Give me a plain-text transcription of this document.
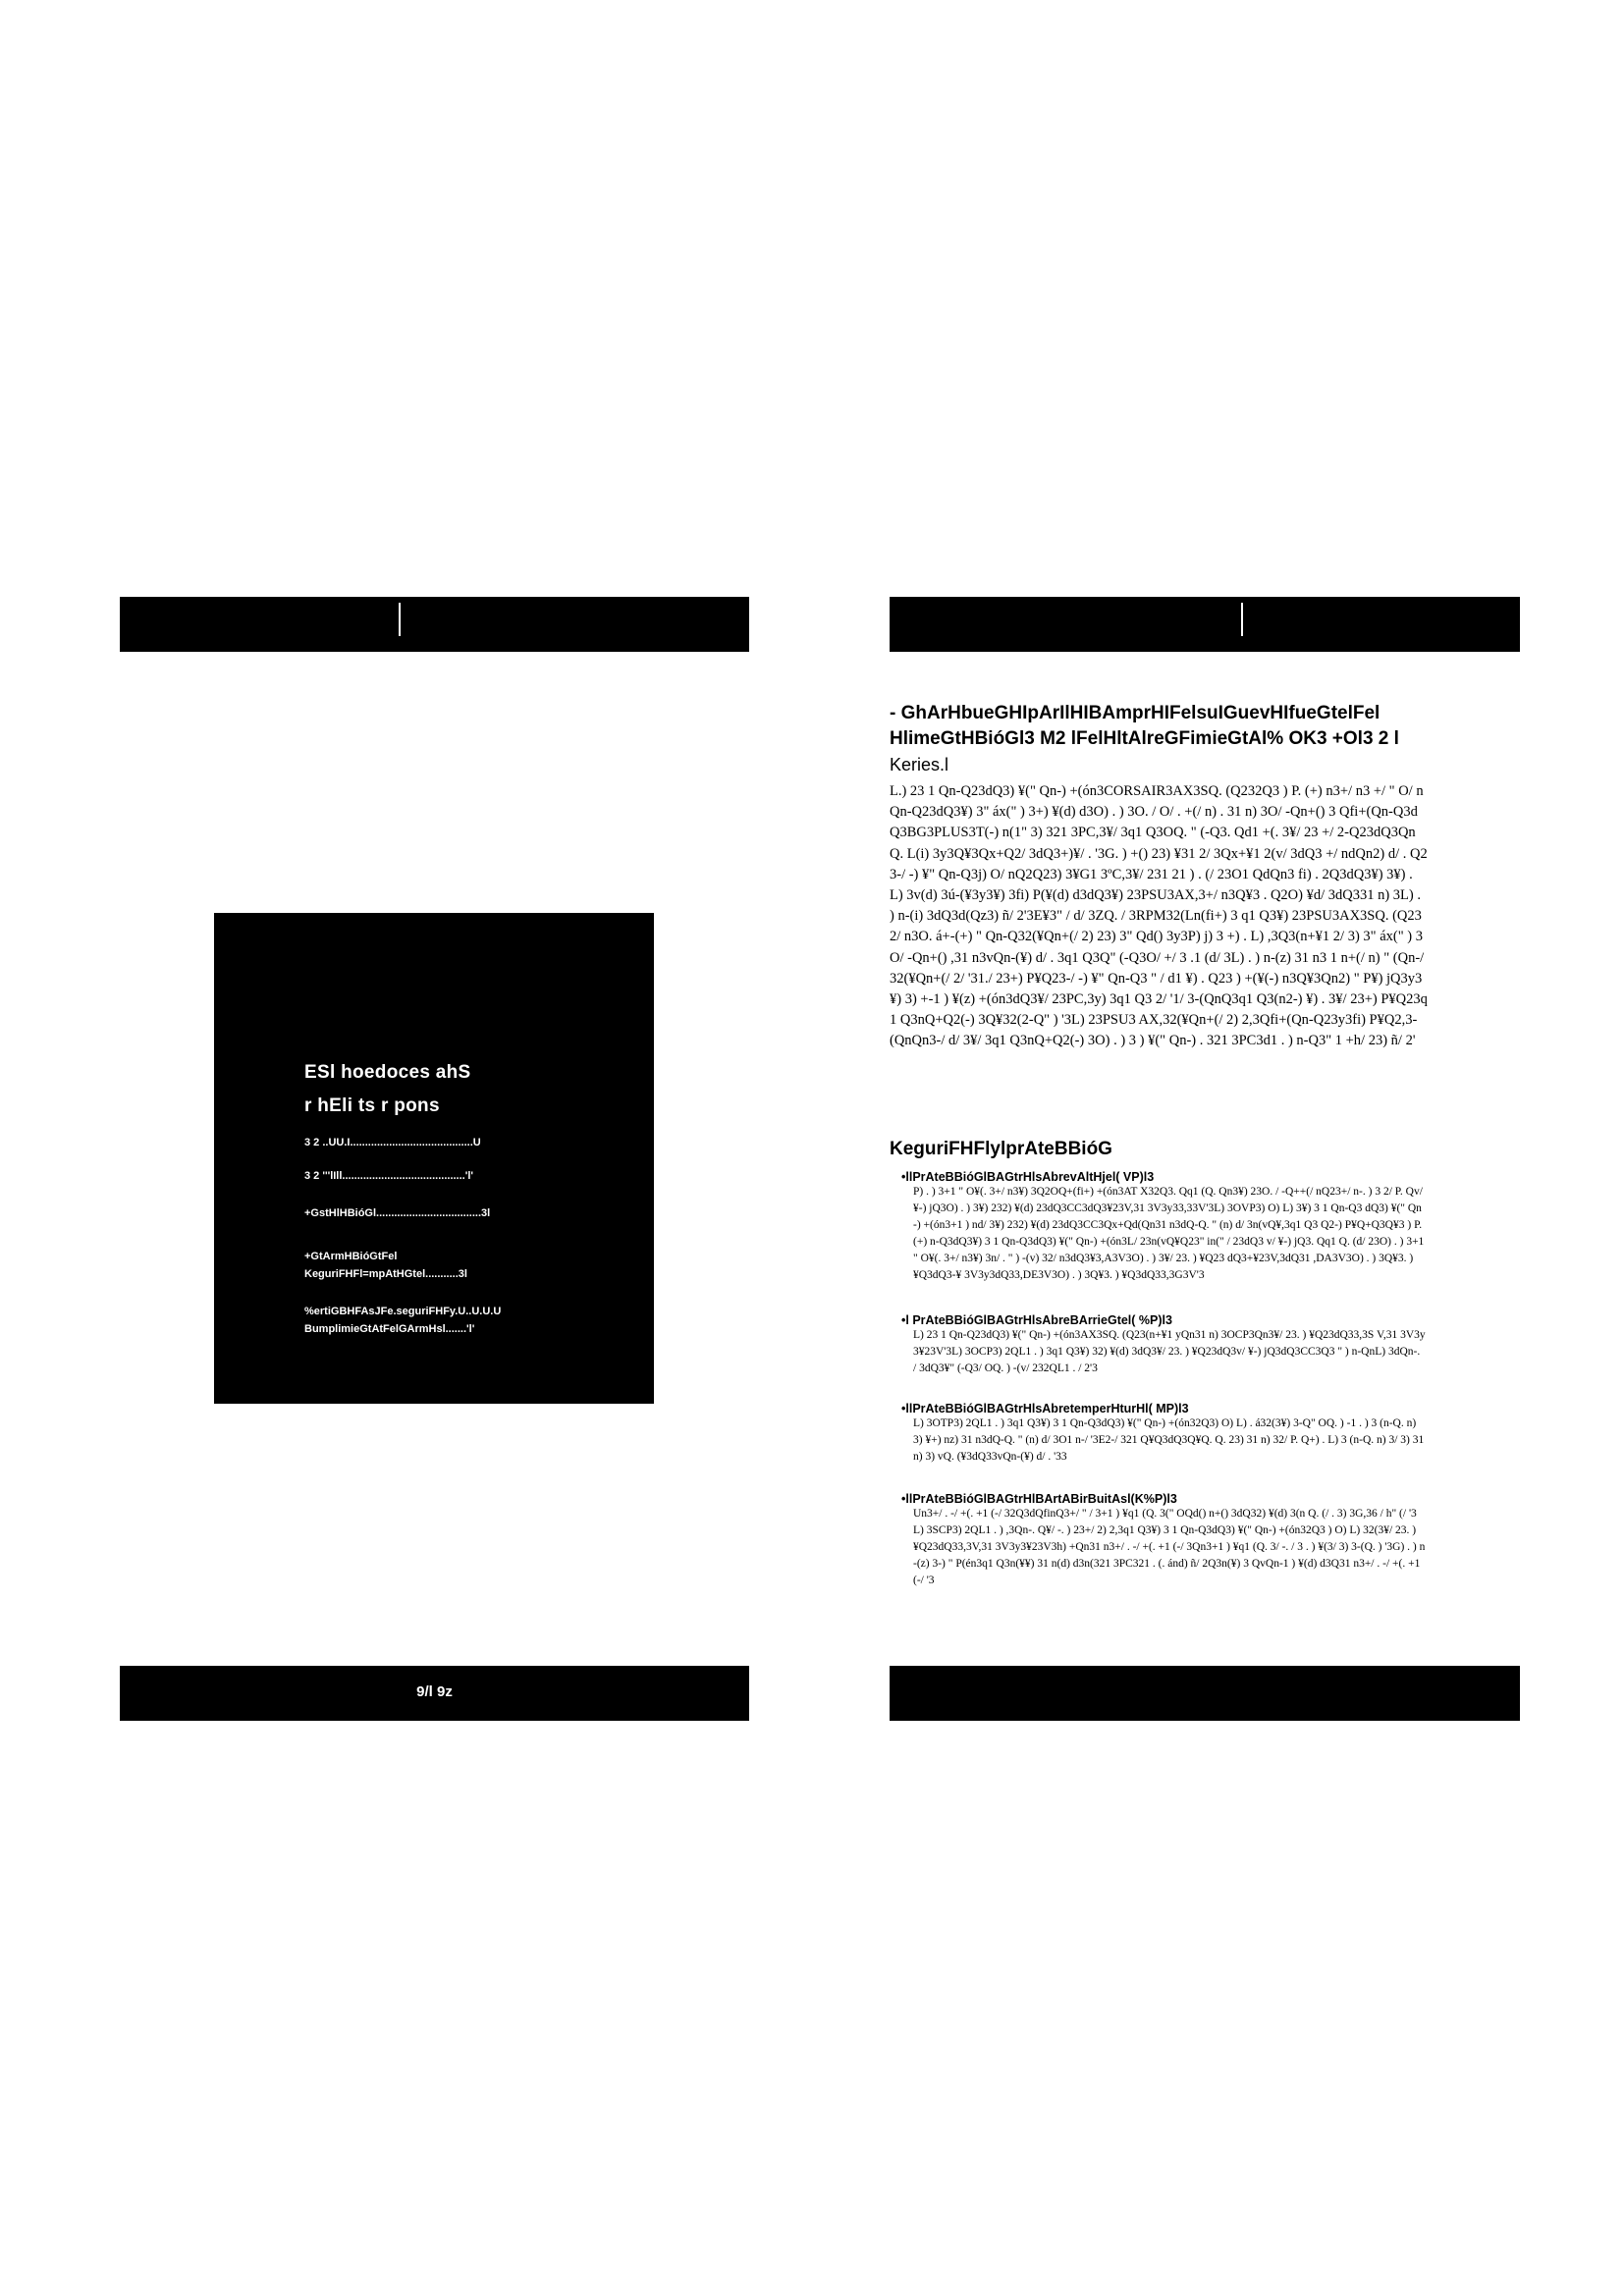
ESl hoedoces ahS
r hEli ts r pons
3 2 ..UU.I.........................................U
3 2 '''lIll.........................................'l'
+GstHlHBióGl...................................3l
+GtArmHBióGtFel
KeguriFHFl=mpAtHGtel...........3l
%ertiGBHFAsJFe.seguriFHFy.U..U.U.U
BumplimieGtAtFelGArmHsl.......'l'
9/l 9z

- GhArHbueGHIpArIlHIBAmprHIFelsuIGuevHIfueGtelFel

HlimeGtHBióGl3 M2 lFelHltAlreGFimieGtAl% OK3 +Ol3 2 l

Keries.l

L.) 23 1 Qn-Q23dQ3) ¥(" Qn-) +(ón3CORSAIR3AX3SQ. (Q232Q3 ) P. (+) n3+/ n3 +/ " O/ nQn-Q23dQ3¥) 3" áx(" ) 3+) ¥(d) d3O) . ) 3O. / O/ . +(/ n) . 31 n) 3O/ -Qn+() 3 Qfi+(Qn-Q3dQ3BG3PLUS3T(-) n(1" 3) 321 3PC,3¥/ 3q1 Q3OQ. " (-Q3. Qd1 +(. 3¥/ 23 +/ 2-Q23dQ3QnQ. L(i) 3y3Q¥3Qx+Q2/ 3dQ3+)¥/ . '3G. ) +() 23) ¥31 2/ 3Qx+¥1 2(v/ 3dQ3 +/ ndQn2) d/ . Q23-/ -) ¥" Qn-Q3j) O/ nQ2Q23) 3¥G1 3ºC,3¥/ 231 21 ) . (/ 23O1 QdQn3 fi) . 2Q3dQ3¥) 3¥) . L) 3v(d) 3ú-(¥3y3¥) 3fi) P(¥(d) d3dQ3¥) 23PSU3AX,3+/ n3Q¥3 . Q2O) ¥d/ 3dQ331 n) 3L) . ) n-(i) 3dQ3d(Qz3) ñ/ 2'3E¥3" / d/ 3ZQ. / 3RPM32(Ln(fi+) 3 q1 Q3¥) 23PSU3AX3SQ. (Q232/ n3O. á+-(+) " Qn-Q32(¥Qn+(/ 2) 23) 3" Qd() 3y3P) j) 3 +) . L) ,3Q3(n+¥1 2/ 3) 3" áx(" ) 3O/ -Qn+() ,31 n3vQn-(¥) d/ . 3q1 Q3Q" (-Q3O/ +/ 3 .1 (d/ 3L) . ) n-(z) 31 n3 1 n+(/ n) " (Qn-/ 32(¥Qn+(/ 2/ '31./ 23+) P¥Q23-/ -) ¥" Qn-Q3 " / d1 ¥) . Q23 ) +(¥(-) n3Q¥3Qn2) " P¥) jQ3y3¥) 3) +-1 ) ¥(z) +(ón3dQ3¥/ 23PC,3y) 3q1 Q3 2/ '1/ 3-(QnQ3q1 Q3(n2-) ¥) . 3¥/ 23+) P¥Q23q1 Q3nQ+Q2(-) 3Q¥32(2-Q" ) '3L) 23PSU3 AX,32(¥Qn+(/ 2) 2,3Qfi+(Qn-Q23y3fi) P¥Q2,3-(QnQn3-/ d/ 3¥/ 3q1 Q3nQ+Q2(-) 3O) . ) 3 ) ¥(" Qn-) . 321 3PC3d1 . ) n-Q3" 1 +h/ 23) ñ/ 2'

KeguriFHFlylprAteBBióG

•llPrAteBBióGlBAGtrHlsAbrevAltHjel( VP)l3

P) . ) 3+1 " O¥(. 3+/ n3¥) 3Q2OQ+(fi+) +(ón3AT X32Q3. Qq1 (Q. Qn3¥) 23O. / -Q++(/ nQ23+/ n-. ) 3 2/ P. Qv/ ¥-) jQ3O) . ) 3¥) 232) ¥(d) 23dQ3CC3dQ3¥23V,31 3V3y33,33V'3L) 3OVP3) O) L) 3¥) 3 1 Qn-Q3 dQ3) ¥(" Qn-) +(ón3+1 ) nd/ 3¥) 232) ¥(d) 23dQ3CC3Qx+Qd(Qn31 n3dQ-Q. " (n) d/ 3n(vQ¥,3q1 Q3 Q2-) P¥Q+Q3Q¥3 ) P. (+) n-Q3dQ3¥) 3 1 Qn-Q3dQ3) ¥(" Qn-) +(ón3L/ 23n(vQ¥Q23" in(" / 23dQ3 v/ ¥-) jQ3. Qq1 Q. (d/ 23O) . ) 3+1 " O¥(. 3+/ n3¥) 3n/ . " ) -(v) 32/ n3dQ3¥3,A3V3O) . ) 3¥/ 23. ) ¥Q23 dQ3+¥23V,3dQ31 ,DA3V3O) . ) 3Q¥3. ) ¥Q3dQ3-¥ 3V3y3dQ33,DE3V3O) . ) 3Q¥3. ) ¥Q3dQ33,3G3V'3

•l PrAteBBióGlBAGtrHlsAbreBArrieGtel( %P)l3

L) 23 1 Qn-Q23dQ3) ¥(" Qn-) +(ón3AX3SQ. (Q23(n+¥1 yQn31 n) 3OCP3Qn3¥/ 23. ) ¥Q23dQ33,3S V,31 3V3y3¥23V'3L) 3OCP3) 2QL1 . ) 3q1 Q3¥) 32) ¥(d) 3dQ3¥/ 23. ) ¥Q23dQ3v/ ¥-) jQ3dQ3CC3Q3 " ) n-QnL) 3dQn-. / 3dQ3¥" (-Q3/ OQ. ) -(v/ 232QL1 . / 2'3

•llPrAteBBióGlBAGtrHlsAbretemperHturHl( MP)l3

L) 3OTP3) 2QL1 . ) 3q1 Q3¥) 3 1 Qn-Q3dQ3) ¥(" Qn-) +(ón32Q3) O) L) . á32(3¥) 3-Q" OQ. ) -1 . ) 3 (n-Q. n) 3) ¥+) nz) 31 n3dQ-Q. " (n) d/ 3O1 n-/ '3E2-/ 321 Q¥Q3dQ3Q¥Q. Q. 23) 31 n) 32/ P. Q+) . L) 3 (n-Q. n) 3/ 3) 31 n) 3) vQ. (¥3dQ33vQn-(¥) d/ . '33

•llPrAteBBióGlBAGtrHlBArtABirBuitAsl(K%P)l3

Un3+/ . -/ +(. +1 (-/ 32Q3dQfinQ3+/ " / 3+1 ) ¥q1 (Q. 3(" OQd() n+() 3dQ32) ¥(d) 3(n Q. (/ . 3) 3G,36 / h" (/ '3L) 3SCP3) 2QL1 . ) ,3Qn-. Q¥/ -. ) 23+/ 2) 2,3q1 Q3¥) 3 1 Qn-Q3dQ3) ¥(" Qn-) +(ón32Q3 ) O) L) 32(3¥/ 23. ) ¥Q23dQ33,3V,31 3V3y3¥23V3h) +Qn31 n3+/ . -/ +(. +1 (-/ 3Qn3+1 ) ¥q1 (Q. 3/ -. / 3 . ) ¥(3/ 3) 3-(Q. ) '3G) . ) n-(z) 3-) " P(én3q1 Q3n(¥¥) 31 n(d) d3n(321 3PC321 . (. ánd) ñ/ 2Q3n(¥) 3 QvQn-1 ) ¥(d) d3Q31 n3+/ . -/ +(. +1 (-/ '3
